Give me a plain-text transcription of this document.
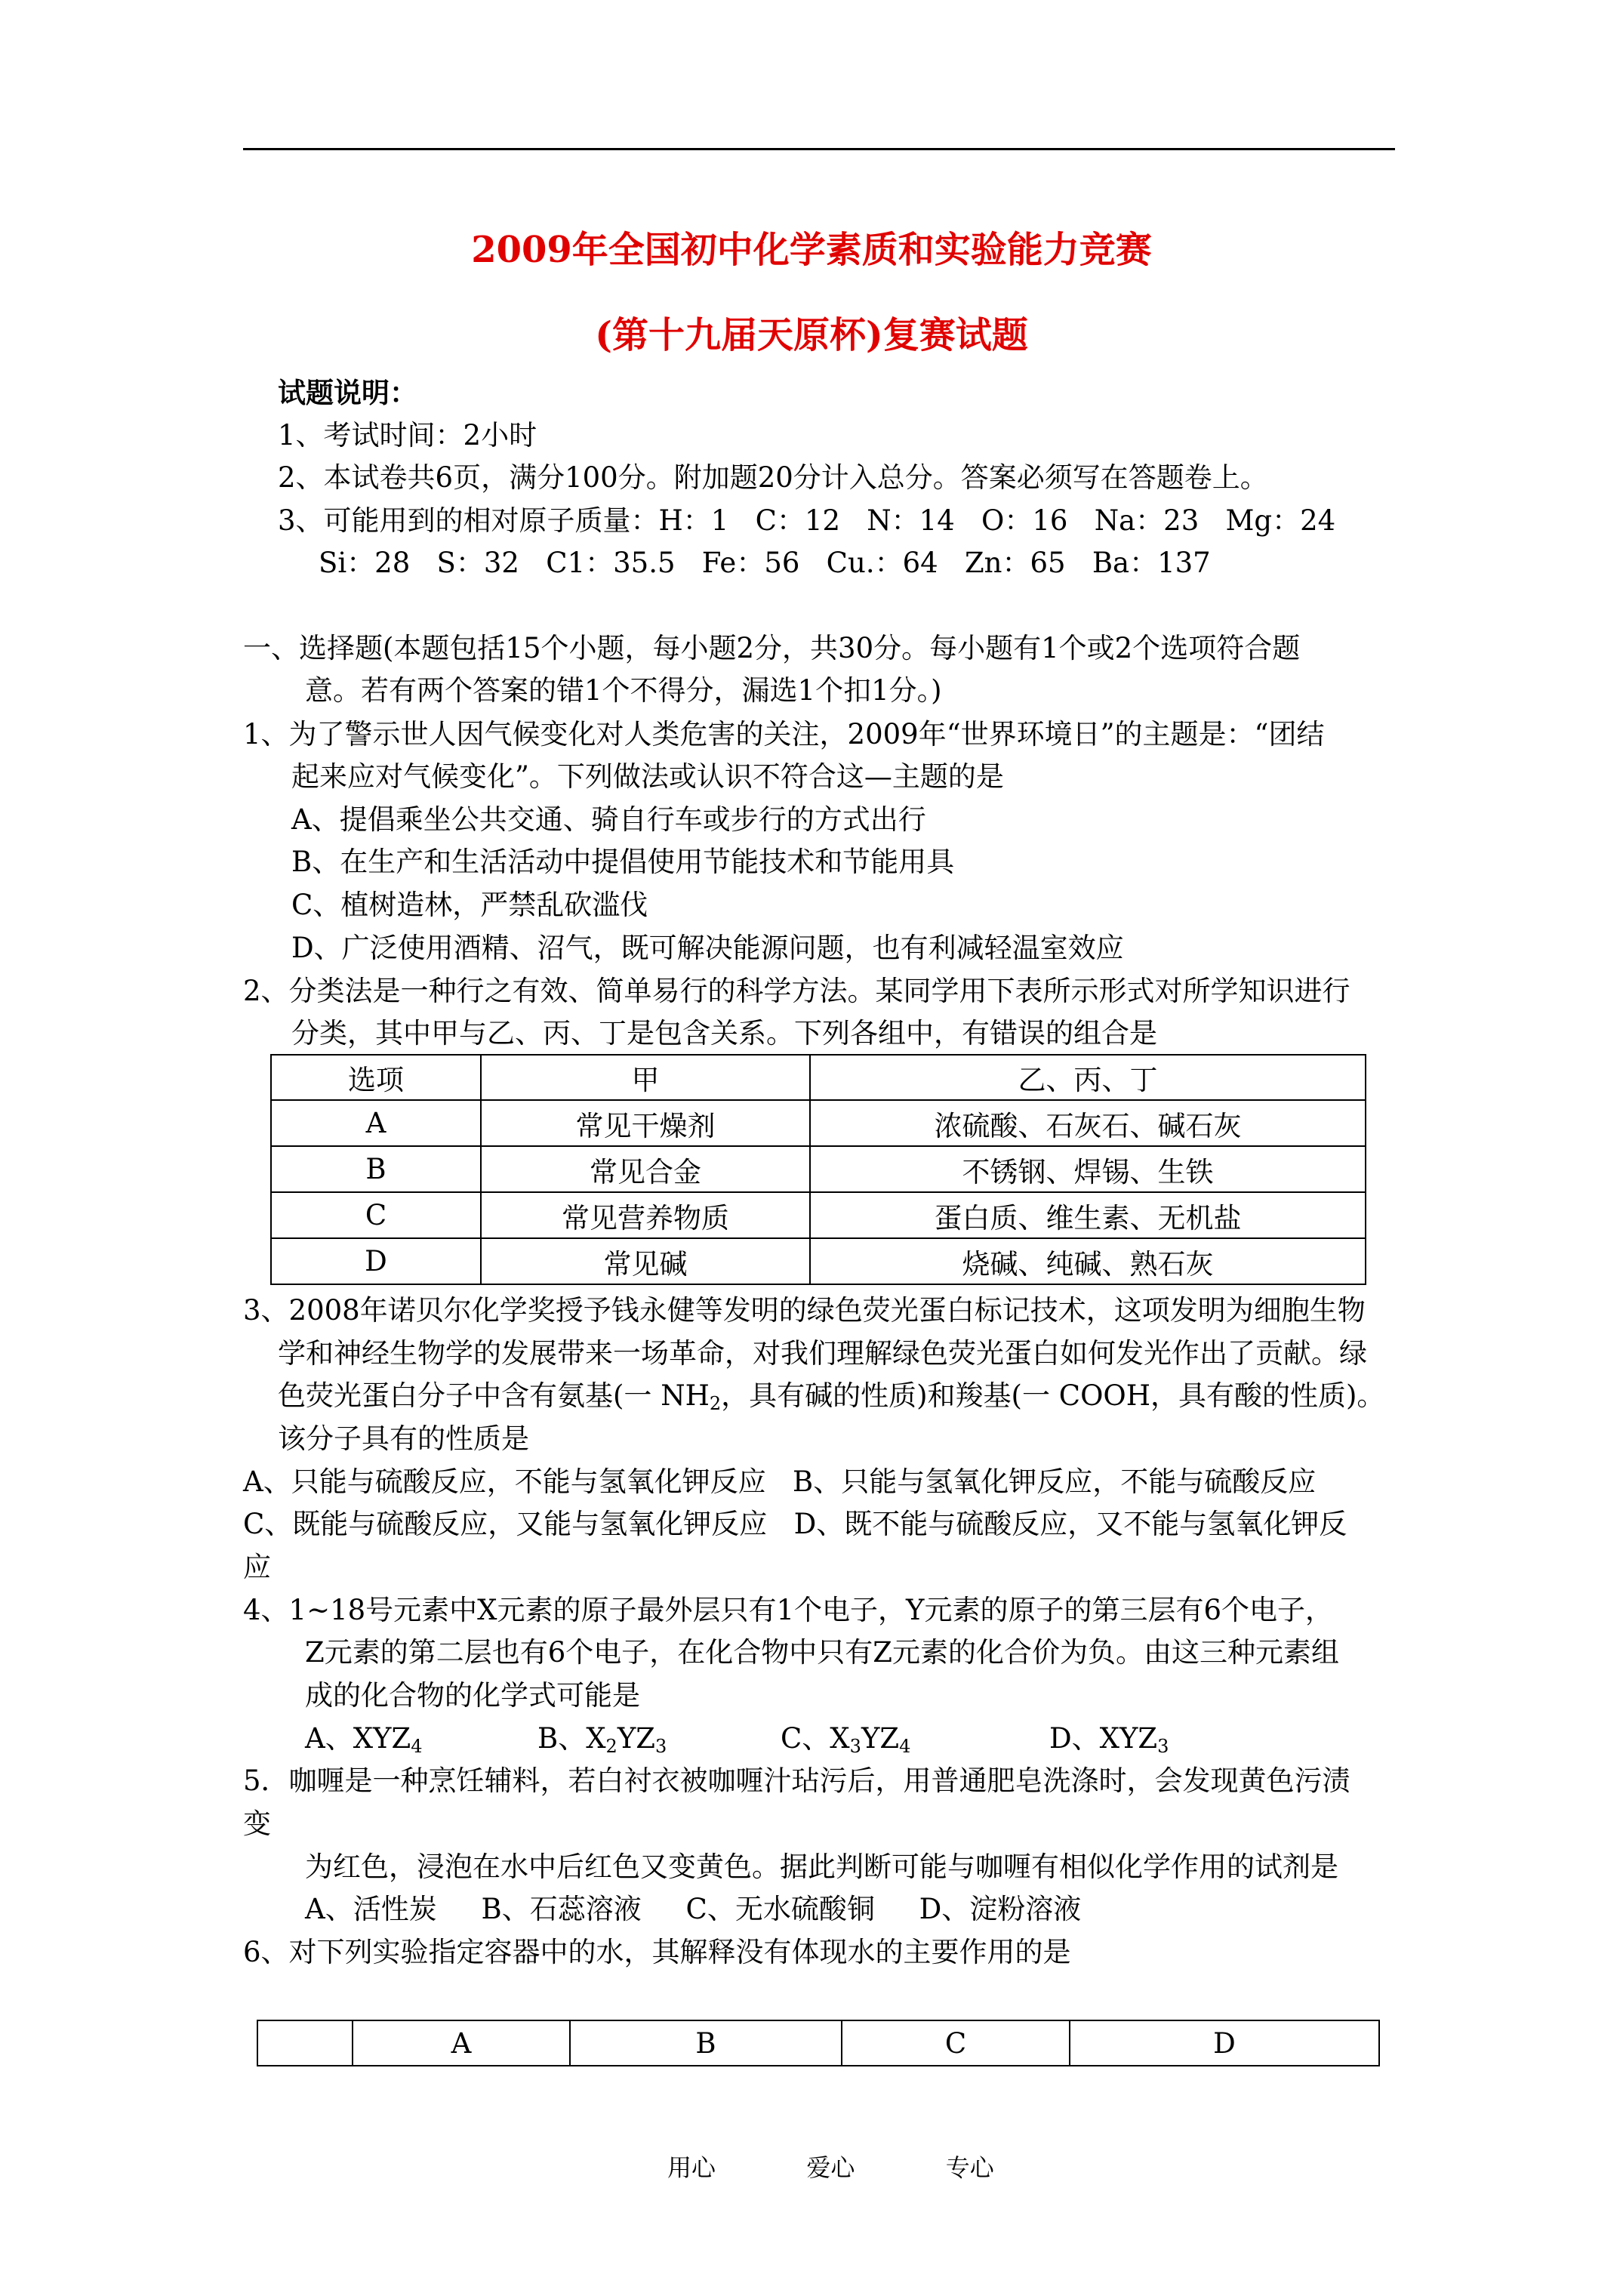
2009年全国初中化学素质和实验能力竞赛
(第十九届天原杯)复赛试题
试题说明：
1、考试时间：2小时
2、本试卷共6页，满分100分。附加题20分计入总分。答案必须写在答题卷上。
3、可能用到的相对原子质量：H：1   C：12   N：14   O：16   Na：23   Mg：24
Si：28   S：32   C1：35.5   Fe：56   Cu.：64   Zn：65   Ba：137
一、选择题(本题包括15个小题，每小题2分，共30分。每小题有1个或2个选项符合题
意。若有两个答案的错1个不得分，漏选1个扣1分。)
1、为了警示世人因气候变化对人类危害的关注，2009年“世界环境日”的主题是：“团结
起来应对气候变化”。下列做法或认识不符合这—主题的是
A、提倡乘坐公共交通、骑自行车或步行的方式出行
B、在生产和生活活动中提倡使用节能技术和节能用具
C、植树造林，严禁乱砍滥伐
D、广泛使用酒精、沼气，既可解决能源问题，也有利减轻温室效应
2、分类法是一种行之有效、简单易行的科学方法。某同学用下表所示形式对所学知识进行
分类，其中甲与乙、丙、丁是包含关系。下列各组中，有错误的组合是
选项	甲	乙、丙、丁
A	常见干燥剂	浓硫酸、石灰石、碱石灰
B	常见合金	不锈钢、焊锡、生铁
C	常见营养物质	蛋白质、维生素、无机盐
D	常见碱	烧碱、纯碱、熟石灰
3、2008年诺贝尔化学奖授予钱永健等发明的绿色荧光蛋白标记技术，这项发明为细胞生物
学和神经生物学的发展带来一场革命，对我们理解绿色荧光蛋白如何发光作出了贡献。绿
色荧光蛋白分子中含有氨基(一 $NH_2$，具有碱的性质)和羧基(一 COOH，具有酸的性质)。
该分子具有的性质是
A、只能与硫酸反应，不能与氢氧化钾反应   B、只能与氢氧化钾反应，不能与硫酸反应
C、既能与硫酸反应，又能与氢氧化钾反应   D、既不能与硫酸反应，又不能与氢氧化钾反
应
4、1~18号元素中X元素的原子最外层只有1个电子，Y元素的原子的第三层有6个电子，
Z元素的第二层也有6个电子，在化合物中只有Z元素的化合价为负。由这三种元素组
成的化合物的化学式可能是
A、$XYZ_4$	B、$X_2YZ_3$	C、$X_3YZ_4$	D、$XYZ_3$
5．咖喱是一种烹饪辅料，若白衬衣被咖喱汁玷污后，用普通肥皂洗涤时，会发现黄色污渍
变
为红色，浸泡在水中后红色又变黄色。据此判断可能与咖喱有相似化学作用的试剂是
A、活性炭     B、石蕊溶液     C、无水硫酸铜     D、淀粉溶液
6、对下列实验指定容器中的水，其解释没有体现水的主要作用的是
	A	B	C	D
用心	爱心	专心
